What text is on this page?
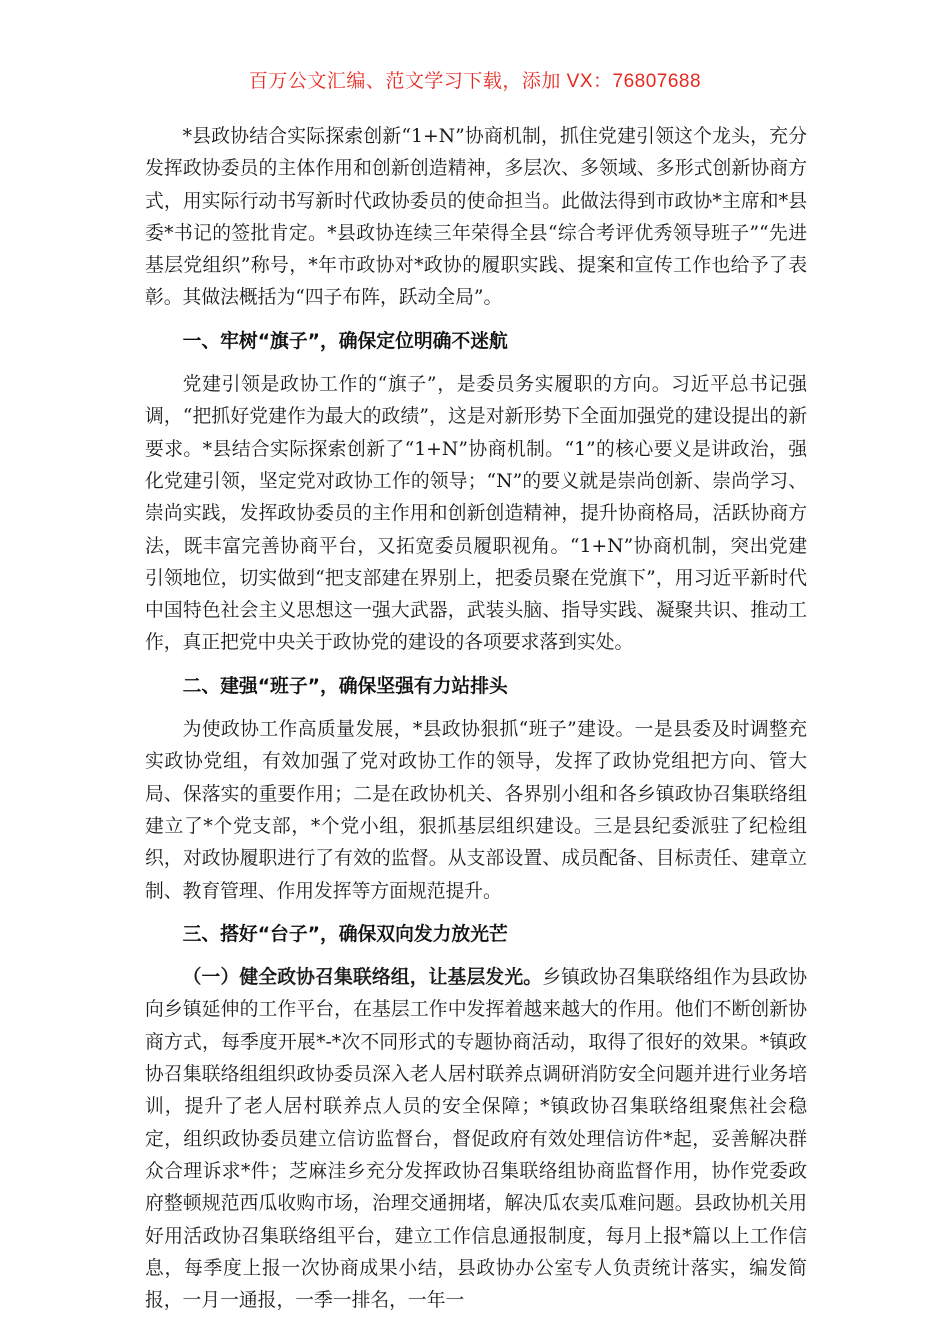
百万公文汇编、范文学习下载，添加 VX：76807688

*县政协结合实际探索创新“1+N”协商机制，抓住党建引领这个龙头，充分发挥政协委员的主体作用和创新创造精神，多层次、多领域、多形式创新协商方式，用实际行动书写新时代政协委员的使命担当。此做法得到市政协*主席和*县委*书记的签批肯定。*县政协连续三年荣得全县“综合考评优秀领导班子”“先进基层党组织”称号，*年市政协对*政协的履职实践、提案和宣传工作也给予了表彰。其做法概括为“四子布阵，跃动全局”。

一、牢树“旗子”，确保定位明确不迷航

党建引领是政协工作的“旗子”，是委员务实履职的方向。习近平总书记强调，“把抓好党建作为最大的政绩”，这是对新形势下全面加强党的建设提出的新要求。*县结合实际探索创新了“1+N”协商机制。“1”的核心要义是讲政治，强化党建引领，坚定党对政协工作的领导；“N”的要义就是崇尚创新、崇尚学习、崇尚实践，发挥政协委员的主作用和创新创造精神，提升协商格局，活跃协商方法，既丰富完善协商平台，又拓宽委员履职视角。“1+N”协商机制，突出党建引领地位，切实做到“把支部建在界别上，把委员聚在党旗下”，用习近平新时代中国特色社会主义思想这一强大武器，武装头脑、指导实践、凝聚共识、推动工作，真正把党中央关于政协党的建设的各项要求落到实处。

二、建强“班子”，确保坚强有力站排头

为使政协工作高质量发展，*县政协狠抓“班子”建设。一是县委及时调整充实政协党组，有效加强了党对政协工作的领导，发挥了政协党组把方向、管大局、保落实的重要作用；二是在政协机关、各界别小组和各乡镇政协召集联络组建立了*个党支部，*个党小组，狠抓基层组织建设。三是县纪委派驻了纪检组织，对政协履职进行了有效的监督。从支部设置、成员配备、目标责任、建章立制、教育管理、作用发挥等方面规范提升。

三、搭好“台子”，确保双向发力放光芒

（一）健全政协召集联络组，让基层发光。乡镇政协召集联络组作为县政协向乡镇延伸的工作平台，在基层工作中发挥着越来越大的作用。他们不断创新协商方式，每季度开展*-*次不同形式的专题协商活动，取得了很好的效果。*镇政协召集联络组组织政协委员深入老人居村联养点调研消防安全问题并进行业务培训，提升了老人居村联养点人员的安全保障；*镇政协召集联络组聚焦社会稳定，组织政协委员建立信访监督台，督促政府有效处理信访件*起，妥善解决群众合理诉求*件；芝麻洼乡充分发挥政协召集联络组协商监督作用，协作党委政府整顿规范西瓜收购市场，治理交通拥堵，解决瓜农卖瓜难问题。县政协机关用好用活政协召集联络组平台，建立工作信息通报制度，每月上报*篇以上工作信息，每季度上报一次协商成果小结，县政协办公室专人负责统计落实，编发简报，一月一通报，一季一排名，一年一
